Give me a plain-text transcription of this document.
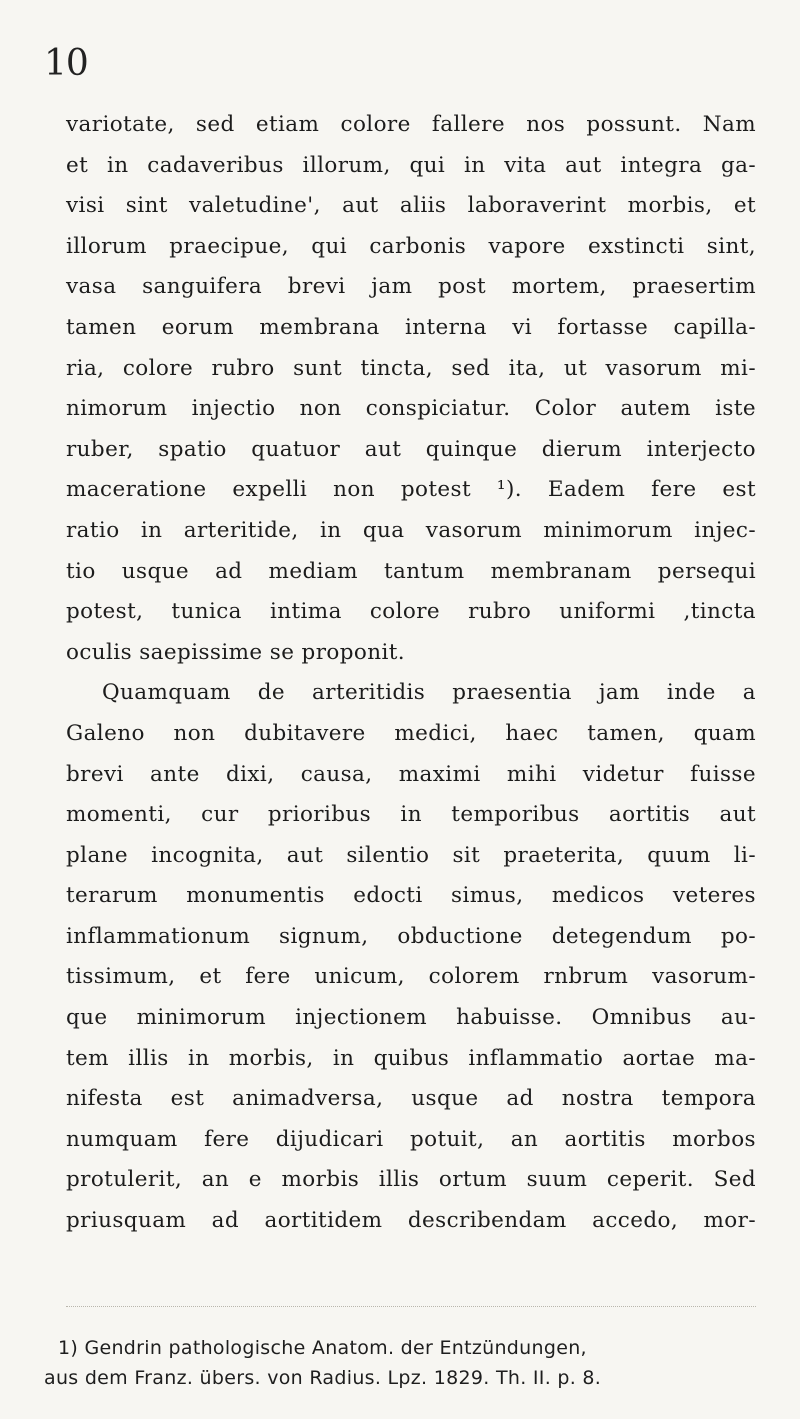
10
variotate, sed etiam colore fallere nos possunt. Nam
et in cadaveribus illorum, qui in vita aut integra ga-
visi sint valetudine', aut aliis laboraverint morbis, et
illorum praecipue, qui carbonis vapore exstincti sint,
vasa sanguifera brevi jam post mortem, praesertim
tamen eorum membrana interna vi fortasse capilla-
ria, colore rubro sunt tincta, sed ita, ut vasorum mi-
nimorum injectio non conspiciatur. Color autem iste
ruber, spatio quatuor aut quinque dierum interjecto
maceratione expelli non potest ¹). Eadem fere est
ratio in arteritide, in qua vasorum minimorum injec-
tio usque ad mediam tantum membranam persequi
potest, tunica intima colore rubro uniformi ,tincta
oculis saepissime se proponit.
Quamquam de arteritidis praesentia jam inde a
Galeno non dubitavere medici, haec tamen, quam
brevi ante dixi, causa, maximi mihi videtur fuisse
momenti, cur prioribus in temporibus aortitis aut
plane incognita, aut silentio sit praeterita, quum li-
terarum monumentis edocti simus, medicos veteres
inflammationum signum, obductione detegendum po-
tissimum, et fere unicum, colorem rnbrum vasorum-
que minimorum injectionem habuisse. Omnibus au-
tem illis in morbis, in quibus inflammatio aortae ma-
nifesta est animadversa, usque ad nostra tempora
numquam fere dijudicari potuit, an aortitis morbos
protulerit, an e morbis illis ortum suum ceperit. Sed
priusquam ad aortitidem describendam accedo, mor-
1) Gendrin pathologische Anatom. der Entzündungen,
aus dem Franz. übers. von Radius. Lpz. 1829. Th. II. p. 8.
